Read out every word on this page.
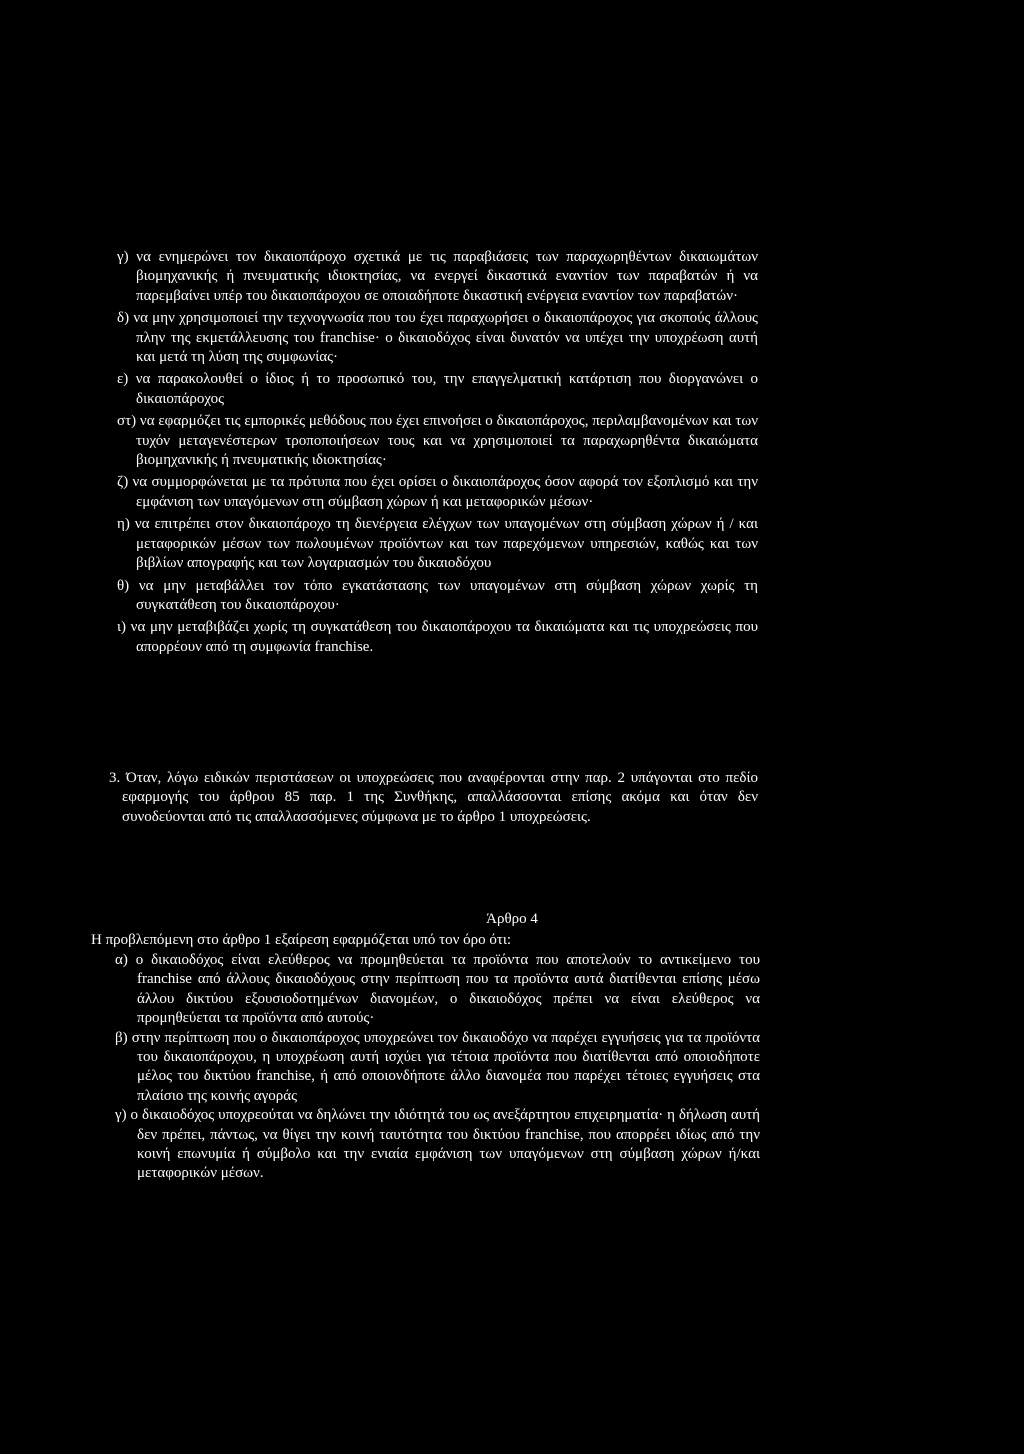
γ) να ενημερώνει τον δικαιοπάροχο σχετικά με τις παραβιάσεις των παραχωρηθέντων δικαιωμάτων βιομηχανικής ή πνευματικής ιδιοκτησίας, να ενεργεί δικαστικά εναντίον των παραβατών ή να παρεμβαίνει υπέρ του δικαιοπάροχου σε οποιαδήποτε δικαστική ενέργεια εναντίον των παραβατών·

δ) να μην χρησιμοποιεί την τεχνογνωσία που του έχει παραχωρήσει ο δικαιοπάροχος για σκοπούς άλλους πλην της εκμετάλλευσης του franchise· ο δικαιοδόχος είναι δυνατόν να υπέχει την υποχρέωση αυτή και μετά τη λύση της συμφωνίας·

ε) να παρακολουθεί ο ίδιος ή το προσωπικό του, την επαγγελματική κατάρτιση που διοργανώνει ο δικαιοπάροχος

στ) να εφαρμόζει τις εμπορικές μεθόδους που έχει επινοήσει ο δικαιοπάροχος, περιλαμβανομένων και των τυχόν μεταγενέστερων τροποποιήσεων τους και να χρησιμοποιεί τα παραχωρηθέντα δικαιώματα βιομηχανικής ή πνευματικής ιδιοκτησίας·

ζ) να συμμορφώνεται με τα πρότυπα που έχει ορίσει ο δικαιοπάροχος όσον αφορά τον εξοπλισμό και την εμφάνιση των υπαγόμενων στη σύμβαση χώρων ή και μεταφορικών μέσων·

η) να επιτρέπει στον δικαιοπάροχο τη διενέργεια ελέγχων των υπαγομένων στη σύμβαση χώρων ή / και μεταφορικών μέσων των πωλουμένων προϊόντων και των παρεχόμενων υπηρεσιών, καθώς και των βιβλίων απογραφής και των λογαριασμών του δικαιοδόχου

θ) να μην μεταβάλλει τον τόπο εγκατάστασης των υπαγομένων στη σύμβαση χώρων χωρίς τη συγκατάθεση του δικαιοπάροχου·

ι) να μην μεταβιβάζει χωρίς τη συγκατάθεση του δικαιοπάροχου τα δικαιώματα και τις υποχρεώσεις που απορρέουν από τη συμφωνία franchise.

3. Όταν, λόγω ειδικών περιστάσεων οι υποχρεώσεις που αναφέρονται στην παρ. 2 υπάγονται στο πεδίο εφαρμογής του άρθρου 85 παρ. 1 της Συνθήκης, απαλλάσσονται επίσης ακόμα και όταν δεν συνοδεύονται από τις απαλλασσόμενες σύμφωνα με το άρθρο 1 υποχρεώσεις.

Άρθρο 4

Η προβλεπόμενη στο άρθρο 1 εξαίρεση εφαρμόζεται υπό τον όρο ότι:

α) ο δικαιοδόχος είναι ελεύθερος να προμηθεύεται τα προϊόντα που αποτελούν το αντικείμενο του franchise από άλλους δικαιοδόχους στην περίπτωση που τα προϊόντα αυτά διατίθενται επίσης μέσω άλλου δικτύου εξουσιοδοτημένων διανομέων, ο δικαιοδόχος πρέπει να είναι ελεύθερος να προμηθεύεται τα προϊόντα από αυτούς·

β) στην περίπτωση που ο δικαιοπάροχος υποχρεώνει τον δικαιοδόχο να παρέχει εγγυήσεις για τα προϊόντα του δικαιοπάροχου, η υποχρέωση αυτή ισχύει για τέτοια προϊόντα που διατίθενται από οποιοδήποτε μέλος του δικτύου franchise, ή από οποιονδήποτε άλλο διανομέα που παρέχει τέτοιες εγγυήσεις στα πλαίσιο της κοινής αγοράς

γ) ο δικαιοδόχος υποχρεούται να δηλώνει την ιδιότητά του ως ανεξάρτητου επιχειρηματία· η δήλωση αυτή δεν πρέπει, πάντως, να θίγει την κοινή ταυτότητα του δικτύου franchise, που απορρέει ιδίως από την κοινή επωνυμία ή σύμβολο και την ενιαία εμφάνιση των υπαγόμενων στη σύμβαση χώρων ή/και μεταφορικών μέσων.
